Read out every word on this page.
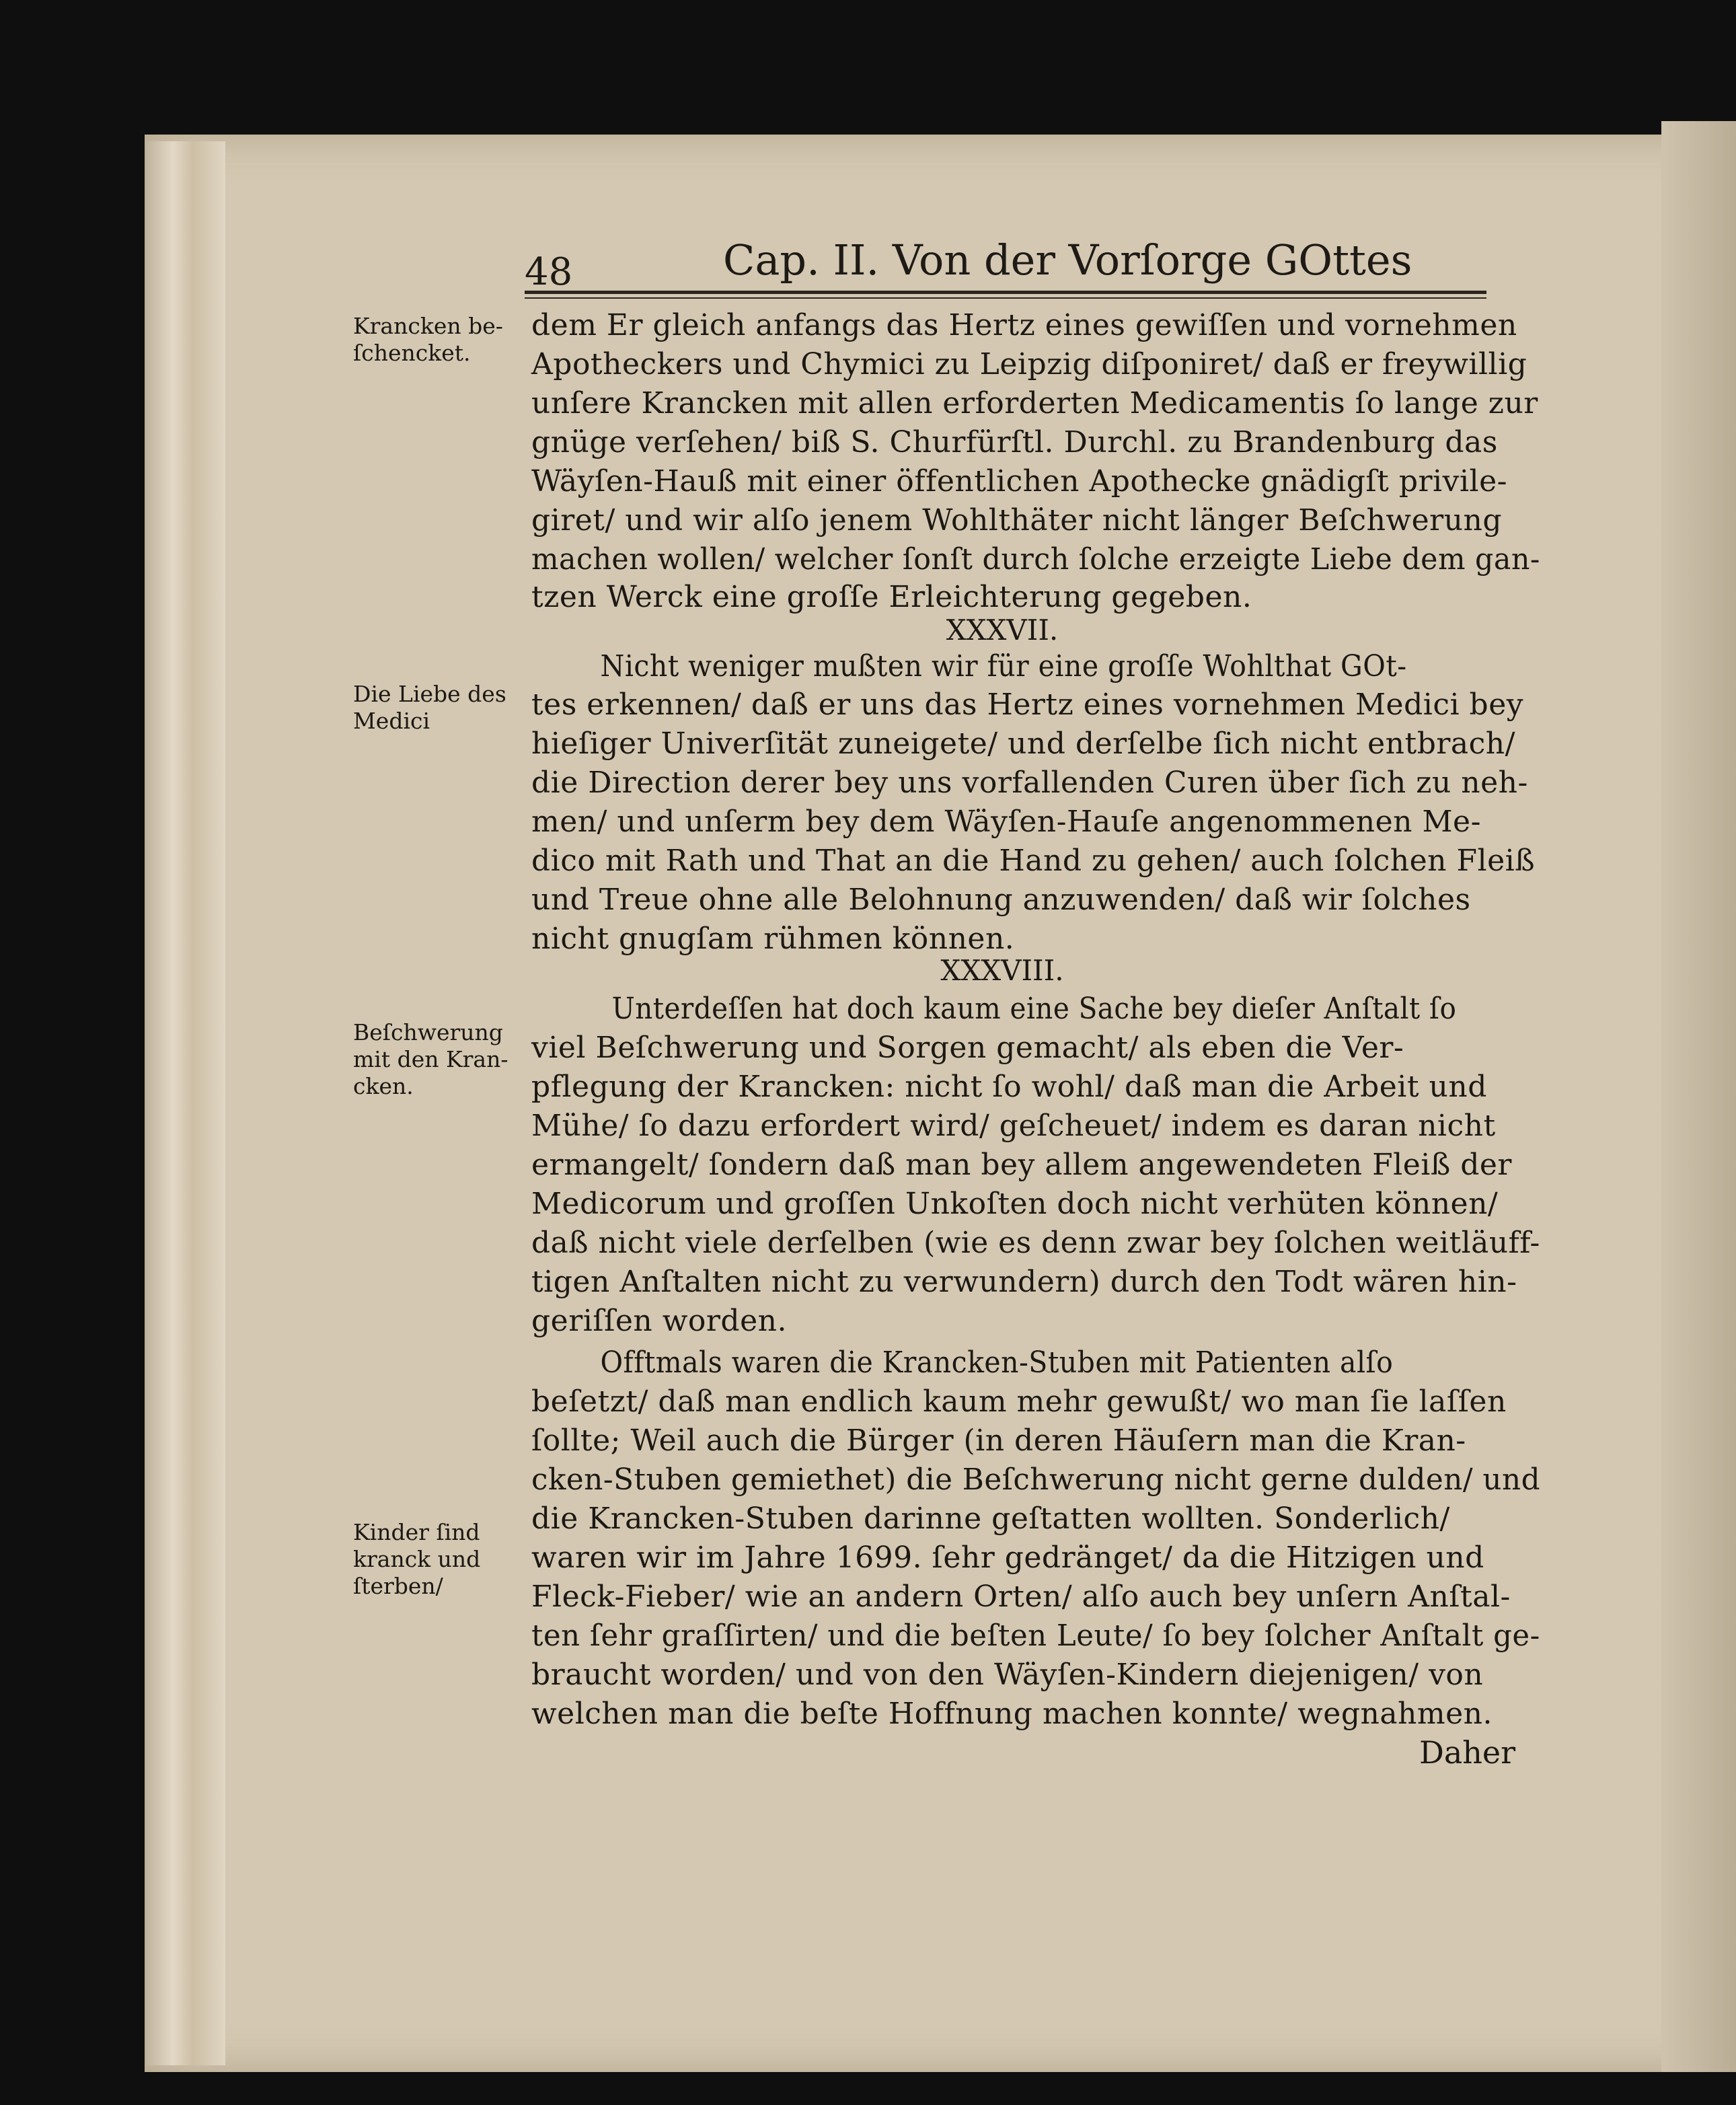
48	Cap. II. Von der Vorſorge GOttes
Krancken be-
ſchencket.
Die Liebe des
Medici
Beſchwerung
mit den Kran-
cken.
Kinder ſind
kranck und
ſterben/
XXXVII.
XXXVIII.
dem Er gleich anfangs das Hertz eines gewiſſen und vornehmen
Apotheckers und Chymici zu Leipzig diſponiret/ daß er freywillig
unſere Krancken mit allen erforderten Medicamentis ſo lange zur
gnüge verſehen/ biß S. Churfürſtl. Durchl. zu Brandenburg das
Wäyſen-Hauß mit einer öffentlichen Apothecke gnädigſt privile-
giret/ und wir alſo jenem Wohlthäter nicht länger Beſchwerung
machen wollen/ welcher ſonſt durch ſolche erzeigte Liebe dem gan-
tzen Werck eine groſſe Erleichterung gegeben.
Nicht weniger mußten wir für eine groſſe Wohlthat GOt-
tes erkennen/ daß er uns das Hertz eines vornehmen Medici bey
hieſiger Univerſität zuneigete/ und derſelbe ſich nicht entbrach/
die Direction derer bey uns vorfallenden Curen über ſich zu neh-
men/ und unſerm bey dem Wäyſen-Hauſe angenommenen Me-
dico mit Rath und That an die Hand zu gehen/ auch ſolchen Fleiß
und Treue ohne alle Belohnung anzuwenden/ daß wir ſolches
nicht gnugſam rühmen können.
Unterdeſſen hat doch kaum eine Sache bey dieſer Anſtalt ſo
viel Beſchwerung und Sorgen gemacht/ als eben die Ver-
pflegung der Krancken: nicht ſo wohl/ daß man die Arbeit und
Mühe/ ſo dazu erfordert wird/ geſcheuet/ indem es daran nicht
ermangelt/ ſondern daß man bey allem angewendeten Fleiß der
Medicorum und groſſen Unkoſten doch nicht verhüten können/
daß nicht viele derſelben (wie es denn zwar bey ſolchen weitläuff-
tigen Anſtalten nicht zu verwundern) durch den Todt wären hin-
geriſſen worden.
Offtmals waren die Krancken-Stuben mit Patienten alſo
beſetzt/ daß man endlich kaum mehr gewußt/ wo man ſie laſſen
ſollte; Weil auch die Bürger (in deren Häuſern man die Kran-
cken-Stuben gemiethet) die Beſchwerung nicht gerne dulden/ und
die Krancken-Stuben darinne geſtatten wollten. Sonderlich/
waren wir im Jahre 1699. ſehr gedränget/ da die Hitzigen und
Fleck-Fieber/ wie an andern Orten/ alſo auch bey unſern Anſtal-
ten ſehr graſſirten/ und die beſten Leute/ ſo bey ſolcher Anſtalt ge-
braucht worden/ und von den Wäyſen-Kindern diejenigen/ von
welchen man die beſte Hoffnung machen konnte/ wegnahmen.
Daher
